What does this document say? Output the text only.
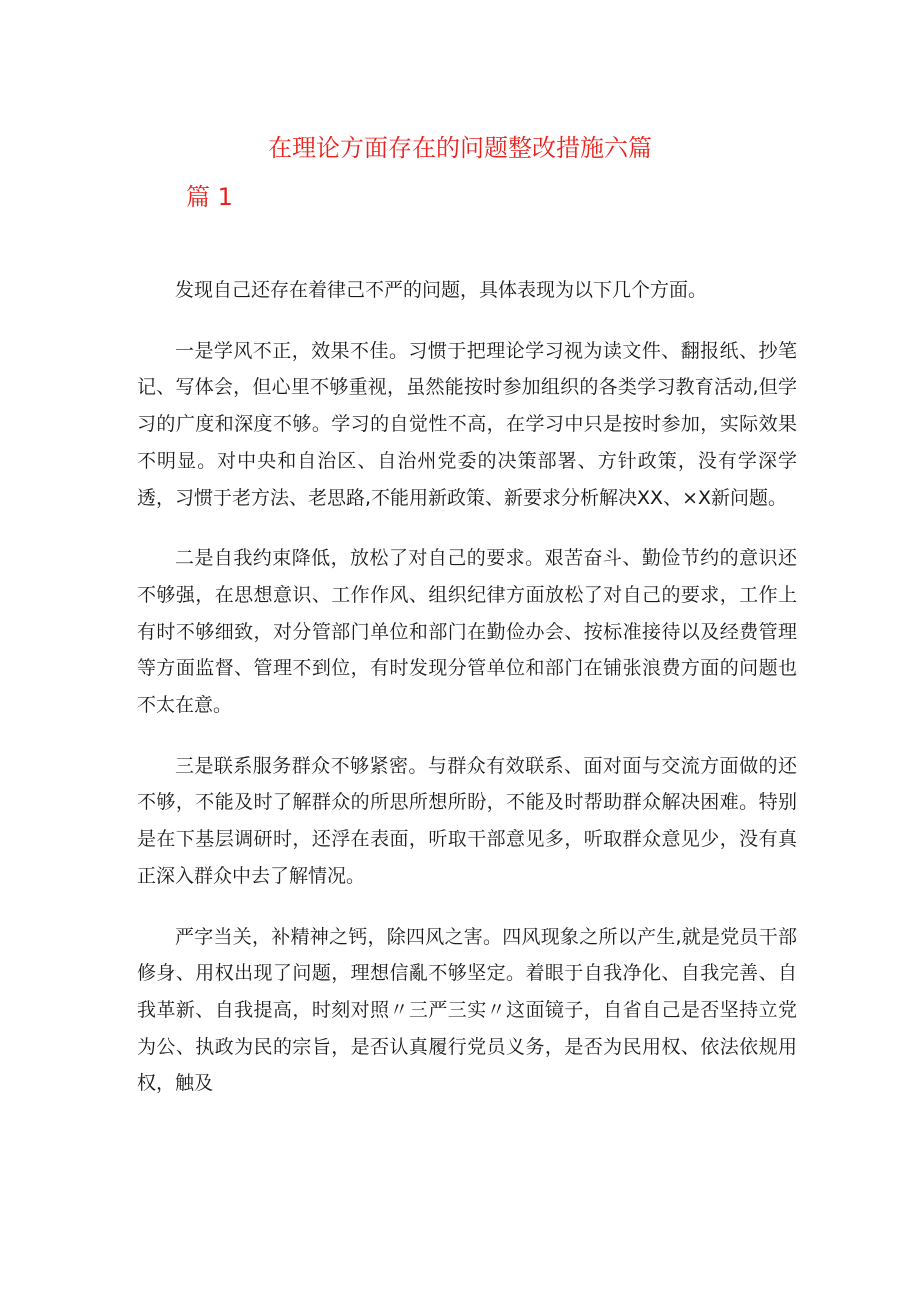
在理论方面存在的问题整改措施六篇
篇 1

发现自己还存在着律己不严的问题，具体表现为以下几个方面。

一是学风不正，效果不佳。习惯于把理论学习视为读文件、翻报纸、抄笔记、写体会，但心里不够重视，虽然能按时参加组织的各类学习教育活动,但学习的广度和深度不够。学习的自觉性不高，在学习中只是按时参加，实际效果不明显。对中央和自治区、自治州党委的决策部署、方针政策，没有学深学透，习惯于老方法、老思路,不能用新政策、新要求分析解决XX、×X新问题。

二是自我约束降低，放松了对自己的要求。艰苦奋斗、勤俭节约的意识还不够强，在思想意识、工作作风、组织纪律方面放松了对自己的要求，工作上有时不够细致，对分管部门单位和部门在勤俭办会、按标准接待以及经费管理等方面监督、管理不到位，有时发现分管单位和部门在铺张浪费方面的问题也不太在意。

三是联系服务群众不够紧密。与群众有效联系、面对面与交流方面做的还不够，不能及时了解群众的所思所想所盼，不能及时帮助群众解决困难。特别是在下基层调研时，还浮在表面，听取干部意见多，听取群众意见少，没有真正深入群众中去了解情况。

严字当关，补精神之钙，除四风之害。四风现象之所以产生,就是党员干部修身、用权出现了问题，理想信亂不够坚定。着眼于自我净化、自我完善、自我革新、自我提高，时刻对照〃三严三实〃这面镜子，自省自己是否坚持立党为公、执政为民的宗旨，是否认真履行党员义务，是否为民用权、依法依规用权，触及
